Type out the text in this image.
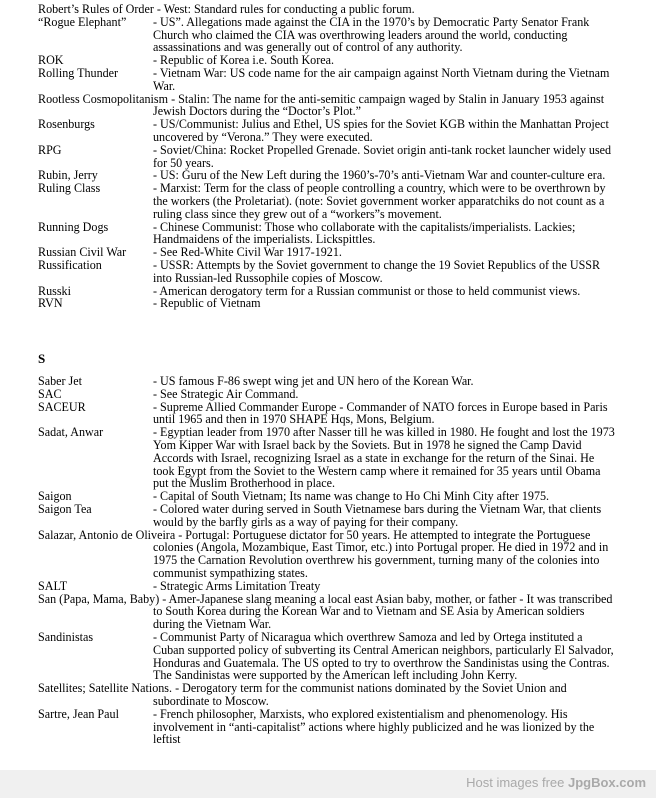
Robert’s Rules of Order - West: Standard rules for conducting a public forum.
“Rogue Elephant”	- US”. Allegations made against the CIA in the 1970’s by Democratic Party Senator Frank Church who claimed the CIA was overthrowing leaders around the world, conducting assassinations and was generally out of control of any authority.
ROK	- Republic of Korea i.e. South Korea.
Rolling Thunder	- Vietnam War: US code name for the air campaign against North Vietnam during the Vietnam War.
Rootless Cosmopolitanism - Stalin: The name for the anti-semitic campaign waged by Stalin in January 1953 against Jewish Doctors during the “Doctor’s Plot.”
Rosenburgs	- US/Communist: Julius and Ethel, US spies for the Soviet KGB within the Manhattan Project uncovered by “Verona.” They were executed.
RPG	- Soviet/China: Rocket Propelled Grenade. Soviet origin anti-tank rocket launcher widely used for 50 years.
Rubin, Jerry	- US: Guru of the New Left during the 1960’s-70’s anti-Vietnam War and counter-culture era.
Ruling Class	- Marxist: Term for the class of people controlling a country, which were to be overthrown by the workers (the Proletariat). (note: Soviet government worker apparatchiks do not count as a ruling class since they grew out of a “workers”s movement.
Running Dogs	- Chinese Communist: Those who collaborate with the capitalists/imperialists. Lackies; Handmaidens of the imperialists. Lickspittles.
Russian Civil War	- See Red-White Civil War 1917-1921.
Russification	- USSR: Attempts by the Soviet government to change the 19 Soviet Republics of the USSR into Russian-led Russophile copies of Moscow.
Russki	- American derogatory term for a Russian communist or those to held communist views.
RVN	- Republic of Vietnam
S
Saber Jet	- US famous F-86 swept wing jet and UN hero of the Korean War.
SAC	- See Strategic Air Command.
SACEUR	- Supreme Allied Commander Europe - Commander of NATO forces in Europe based in Paris until 1965 and then in 1970 SHAPE Hqs, Mons, Belgium.
Sadat, Anwar	- Egyptian leader from 1970 after Nasser till he was killed in 1980. He fought and lost the 1973 Yom Kipper War with Israel back by the Soviets. But in 1978 he signed the Camp David Accords with Israel, recognizing Israel as a state in exchange for the return of the Sinai. He took Egypt from the Soviet to the Western camp where it remained for 35 years until Obama put the Muslim Brotherhood in place.
Saigon	- Capital of South Vietnam; Its name was change to Ho Chi Minh City after 1975.
Saigon Tea	- Colored water during served in South Vietnamese bars during the Vietnam War, that clients would by the barfly girls as a way of paying for their company.
Salazar, Antonio de Oliveira - Portugal: Portuguese dictator for 50 years. He attempted to integrate the Portuguese colonies (Angola, Mozambique, East Timor, etc.) into Portugal proper. He died in 1972 and in 1975 the Carnation Revolution overthrew his government, turning many of the colonies into communist sympathizing states.
SALT	- Strategic Arms Limitation Treaty
San (Papa, Mama, Baby) - Amer-Japanese slang meaning a local east Asian baby, mother, or father - It was transcribed to South Korea during the Korean War and to Vietnam and SE Asia by American soldiers during the Vietnam War.
Sandinistas	- Communist Party of Nicaragua which overthrew Samoza and led by Ortega instituted a Cuban supported policy of subverting its Central American neighbors, particularly El Salvador, Honduras and Guatemala. The US opted to try to overthrow the Sandinistas using the Contras. The Sandinistas were supported by the American left including John Kerry.
Satellites; Satellite Nations. - Derogatory term for the communist nations dominated by the Soviet Union and subordinate to Moscow.
Sartre, Jean Paul	- French philosopher, Marxists, who explored existentialism and phenomenology. His involvement in “anti-capitalist” actions where highly publicized and he was lionized by the leftist
Host images free JpgBox.com
